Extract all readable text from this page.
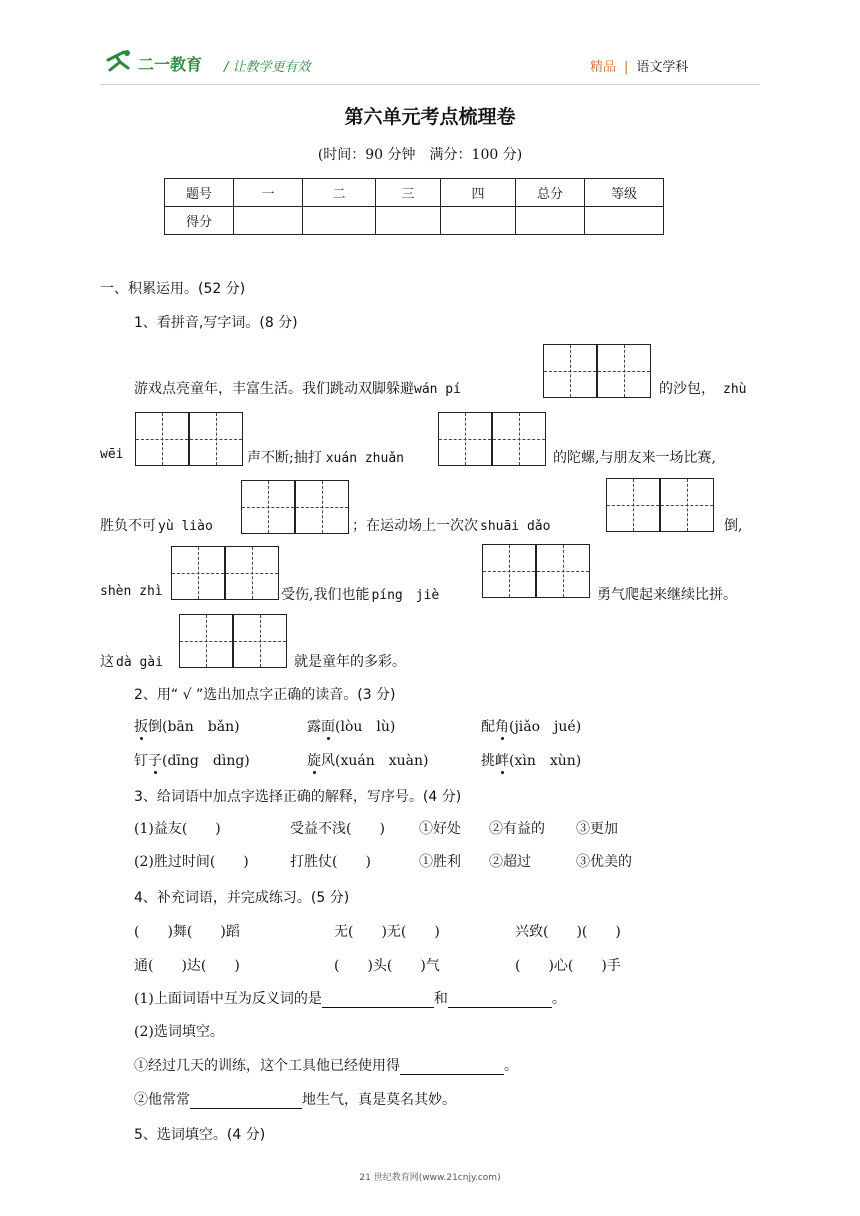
二一教育 / 让教学更有效	精品 | 语文学科
第六单元考点梳理卷
(时间：90 分钟　满分：100 分)
题号	一	二	三	四	总分	等级
得分						
一、积累运用。(52 分)
1、看拼音,写字词。(8 分)
游戏点亮童年，丰富生活。我们跳动双脚躲避wán pí	的沙包， zhù
wēi	声不断;抽打 xuán zhuǎn	的陀螺,与朋友来一场比赛,
胜负不可 yù liào	；在运动场上一次次 shuāi dǎo	倒,
shèn zhì	受伤,我们也能 píng　jiè	勇气爬起来继续比拼。
这 dà gài	就是童年的多彩。
2、用“ √ ”选出加点字正确的读音。(3 分)
扳倒(bān　bǎn)	露面(lòu　lù)	配角(jiǎo　jué)
钉子(dīng　dìng)	旋风(xuán　xuàn)	挑衅(xìn　xùn)
3、给词语中加点字选择正确的解释，写序号。(4 分)
(1)益友(　　)	受益不浅(　　) ①好处 ②有益的 ③更加
(2)胜过时间(　　)	打胜仗(　　)	①胜利 ②超过	③优美的
4、补充词语，并完成练习。(5 分)
(　　)舞(　　)蹈	无(　　)无(　　)	兴致(　　)(　　)
通(　　)达(　　)	(　　)头(　　)气	(　　)心(　　)手
(1)上面词语中互为反义词的是	和	。
(2)选词填空。
①经过几天的训练，这个工具他已经使用得	。
②他常常	地生气，真是莫名其妙。
5、选词填空。(4 分)
21 世纪教育网(www.21cnjy.com)
